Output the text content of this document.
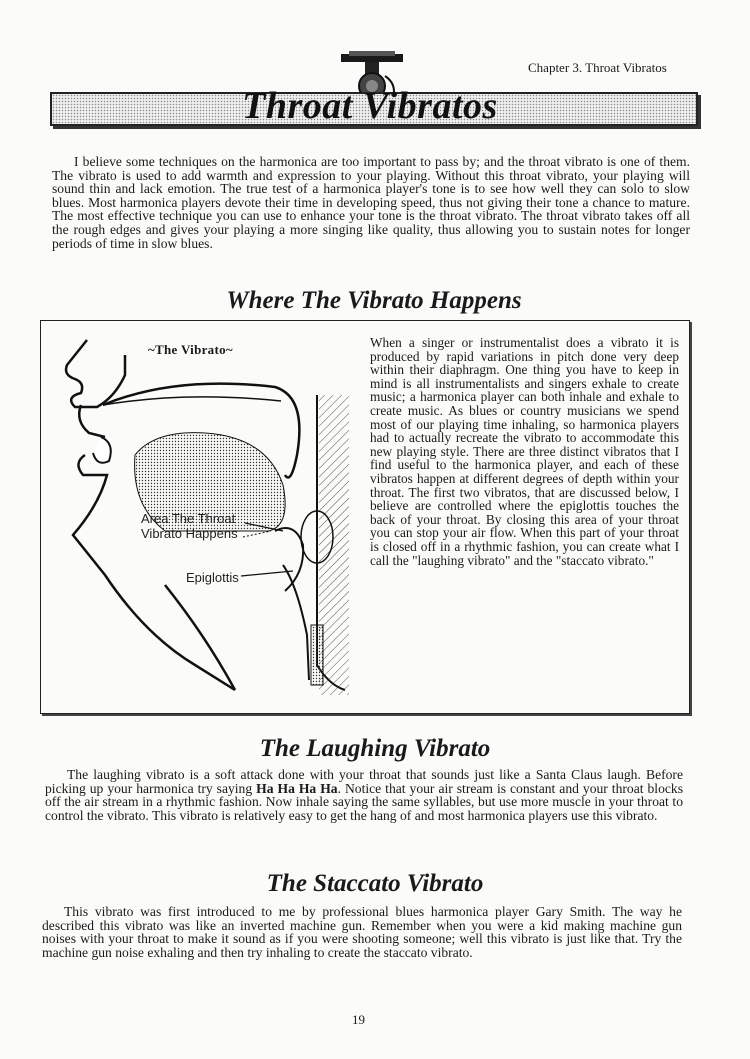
Chapter 3. Throat Vibratos
Throat Vibratos

I believe some techniques on the harmonica are too important to pass by; and the throat vibrato is one of them. The vibrato is used to add warmth and expression to your playing. Without this throat vibrato, your playing will sound thin and lack emotion. The true test of a harmonica player's tone is to see how well they can solo to slow blues. Most harmonica players devote their time in developing speed, thus not giving their tone a chance to mature. The most effective technique you can use to enhance your tone is the throat vibrato. The throat vibrato takes off all the rough edges and gives your playing a more singing like quality, thus allowing you to sustain notes for longer periods of time in slow blues.

Where The Vibrato Happens
~The Vibrato~
Area The Throat
Vibrato Happens
Epiglottis
When a singer or instrumentalist does a vibrato it is produced by rapid variations in pitch done very deep within their diaphragm. One thing you have to keep in mind is all instrumentalists and singers exhale to create music; a harmonica player can both inhale and exhale to create music. As blues or country musicians we spend most of our playing time inhaling, so harmonica players had to actually recreate the vibrato to accommodate this new playing style. There are three distinct vibratos that I find useful to the harmonica player, and each of these vibratos happen at different degrees of depth within your throat. The first two vibratos, that are discussed below, I believe are controlled where the epiglottis touches the back of your throat. By closing this area of your throat you can stop your air flow. When this part of your throat is closed off in a rhythmic fashion, you can create what I call the "laughing vibrato" and the "staccato vibrato."
The Laughing Vibrato

The laughing vibrato is a soft attack done with your throat that sounds just like a Santa Claus laugh. Before picking up your harmonica try saying Ha Ha Ha Ha. Notice that your air stream is constant and your throat blocks off the air stream in a rhythmic fashion. Now inhale saying the same syllables, but use more muscle in your throat to control the vibrato. This vibrato is relatively easy to get the hang of and most harmonica players use this vibrato.

The Staccato Vibrato

This vibrato was first introduced to me by professional blues harmonica player Gary Smith. The way he described this vibrato was like an inverted machine gun. Remember when you were a kid making machine gun noises with your throat to make it sound as if you were shooting someone; well this vibrato is just like that. Try the machine gun noise exhaling and then try inhaling to create the staccato vibrato.

19
